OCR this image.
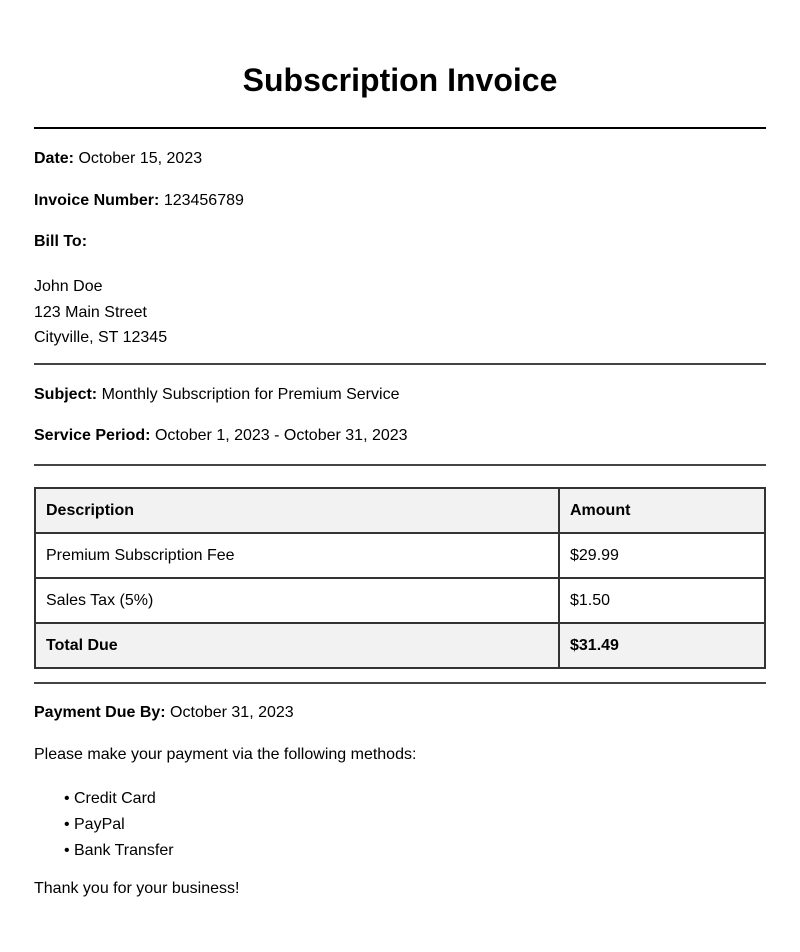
Subscription Invoice
Date: October 15, 2023
Invoice Number: 123456789
Bill To:
John Doe
123 Main Street
Cityville, ST 12345
Subject: Monthly Subscription for Premium Service
Service Period: October 1, 2023 - October 31, 2023
Description	Amount
Premium Subscription Fee	$29.99
Sales Tax (5%)	$1.50
Total Due	$31.49
Payment Due By: October 31, 2023
Please make your payment via the following methods:
• Credit Card
• PayPal
• Bank Transfer
Thank you for your business!
